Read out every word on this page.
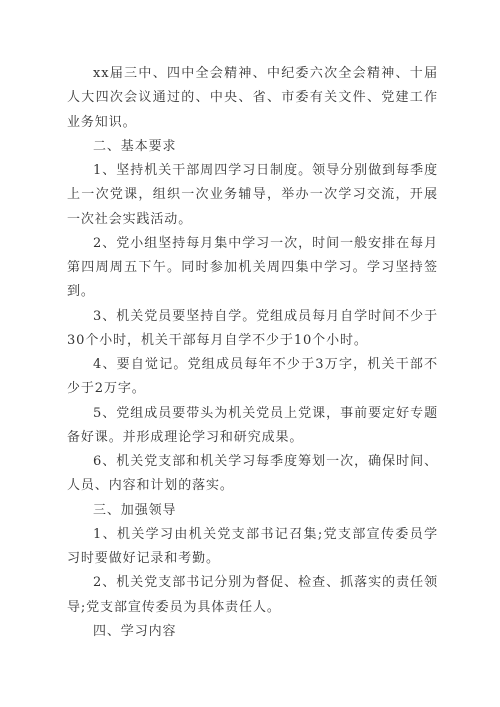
xx届三中、四中全会精神、中纪委六次全会精神、十届人大四次会议通过的、中央、省、市委有关文件、党建工作业务知识。

二、基本要求

1、坚持机关干部周四学习日制度。领导分别做到每季度上一次党课，组织一次业务辅导，举办一次学习交流，开展一次社会实践活动。

2、党小组坚持每月集中学习一次，时间一般安排在每月第四周周五下午。同时参加机关周四集中学习。学习坚持签到。

3、机关党员要坚持自学。党组成员每月自学时间不少于30个小时，机关干部每月自学不少于10个小时。

4、要自觉记。党组成员每年不少于3万字，机关干部不少于2万字。

5、党组成员要带头为机关党员上党课，事前要定好专题备好课。并形成理论学习和研究成果。

6、机关党支部和机关学习每季度筹划一次，确保时间、人员、内容和计划的落实。

三、加强领导

1、机关学习由机关党支部书记召集;党支部宣传委员学习时要做好记录和考勤。

2、机关党支部书记分别为督促、检查、抓落实的责任领导;党支部宣传委员为具体责任人。

四、学习内容
